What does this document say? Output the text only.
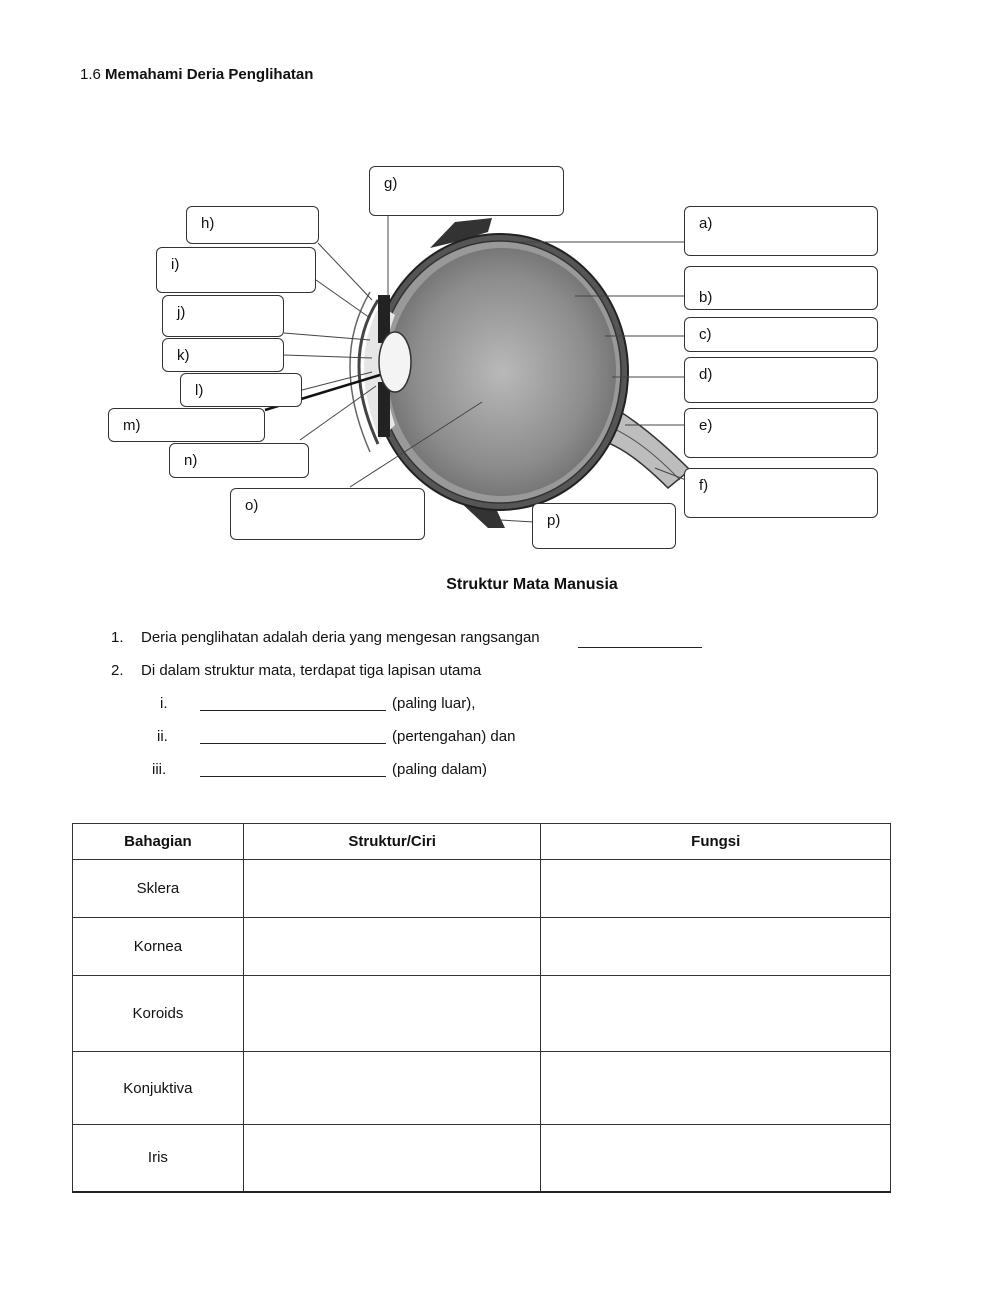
1.6 Memahami Deria Penglihatan
g)
h)
i)
j)
k)
l)
m)
n)
o)
p)
a)
b)
c)
d)
e)
f)
Struktur Mata Manusia
1. Deria penglihatan adalah deria yang mengesan rangsangan
2. Di dalam struktur mata, terdapat tiga lapisan utama
i.	(paling luar),
ii.	(pertengahan) dan
iii.	(paling dalam)
Bahagian	Struktur/Ciri	Fungsi
Sklera		
Kornea		
Koroids		
Konjuktiva		
Iris		
